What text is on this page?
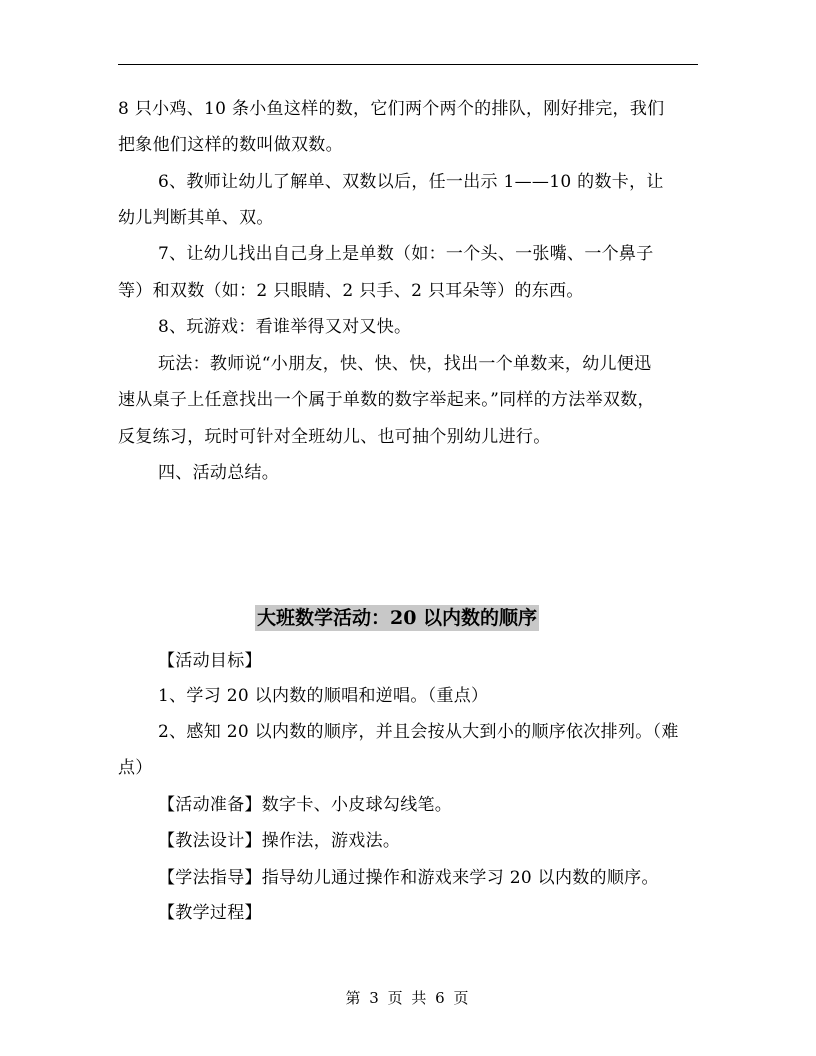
8 只小鸡、10 条小鱼这样的数，它们两个两个的排队，刚好排完，我们
把象他们这样的数叫做双数。
6、教师让幼儿了解单、双数以后，任一出示 1——10 的数卡，让
幼儿判断其单、双。
7、让幼儿找出自己身上是单数（如：一个头、一张嘴、一个鼻子
等）和双数（如：2 只眼睛、2 只手、2 只耳朵等）的东西。
8、玩游戏：看谁举得又对又快。
玩法：教师说“小朋友，快、快、快，找出一个单数来，幼儿便迅
速从桌子上任意找出一个属于单数的数字举起来。”同样的方法举双数，
反复练习，玩时可针对全班幼儿、也可抽个别幼儿进行。
四、活动总结。
大班数学活动：20 以内数的顺序
【活动目标】
1、学习 20 以内数的顺唱和逆唱。（重点）
2、感知 20 以内数的顺序，并且会按从大到小的顺序依次排列。（难
点）
【活动准备】数字卡、小皮球勾线笔。
【教法设计】操作法，游戏法。
【学法指导】指导幼儿通过操作和游戏来学习 20 以内数的顺序。
【教学过程】
第 3 页 共 6 页
